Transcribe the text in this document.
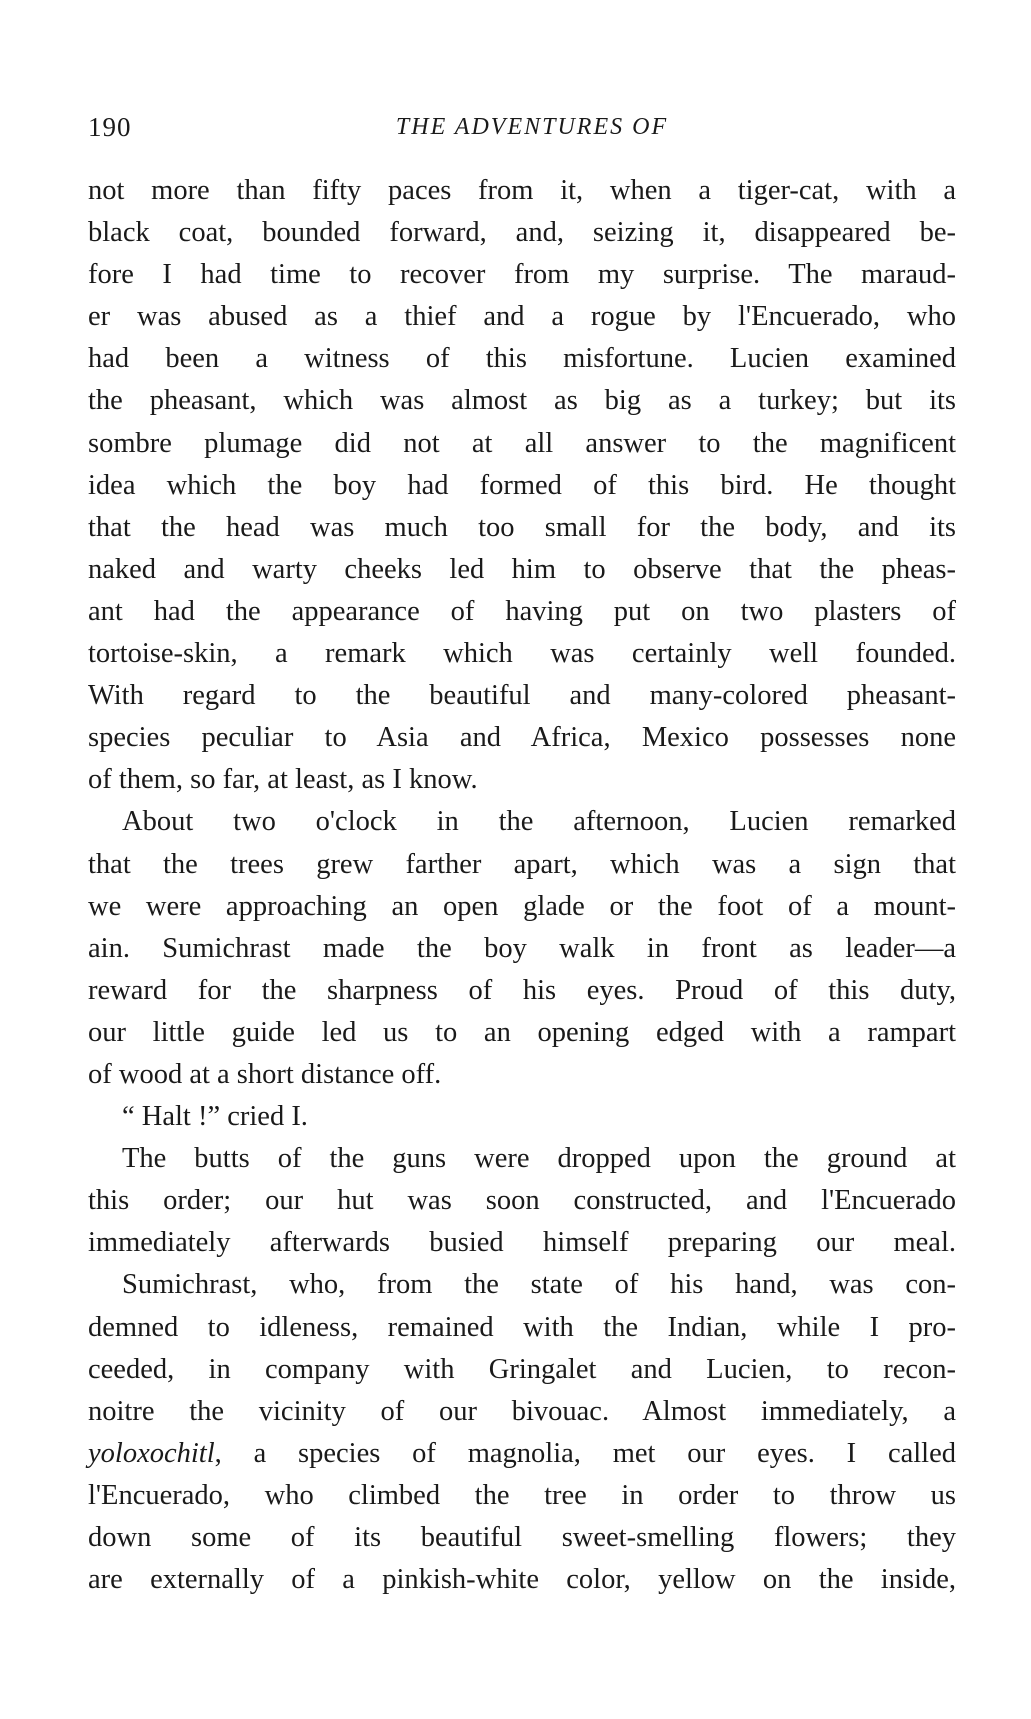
190	THE ADVENTURES OF
not more than fifty paces from it, when a tiger-cat, with a
black coat, bounded forward, and, seizing it, disappeared be-
fore I had time to recover from my surprise. The maraud-
er was abused as a thief and a rogue by l'Encuerado, who
had been a witness of this misfortune. Lucien examined
the pheasant, which was almost as big as a turkey; but its
sombre plumage did not at all answer to the magnificent
idea which the boy had formed of this bird. He thought
that the head was much too small for the body, and its
naked and warty cheeks led him to observe that the pheas-
ant had the appearance of having put on two plasters of
tortoise-skin, a remark which was certainly well founded.
With regard to the beautiful and many-colored pheasant-
species peculiar to Asia and Africa, Mexico possesses none
of them, so far, at least, as I know.
About two o'clock in the afternoon, Lucien remarked
that the trees grew farther apart, which was a sign that
we were approaching an open glade or the foot of a mount-
ain. Sumichrast made the boy walk in front as leader—a
reward for the sharpness of his eyes. Proud of this duty,
our little guide led us to an opening edged with a rampart
of wood at a short distance off.
“ Halt !” cried I.
The butts of the guns were dropped upon the ground at
this order; our hut was soon constructed, and l'Encuerado
immediately afterwards busied himself preparing our meal.
Sumichrast, who, from the state of his hand, was con-
demned to idleness, remained with the Indian, while I pro-
ceeded, in company with Gringalet and Lucien, to recon-
noitre the vicinity of our bivouac. Almost immediately, a
yoloxochitl, a species of magnolia, met our eyes. I called
l'Encuerado, who climbed the tree in order to throw us
down some of its beautiful sweet-smelling flowers; they
are externally of a pinkish-white color, yellow on the inside,
